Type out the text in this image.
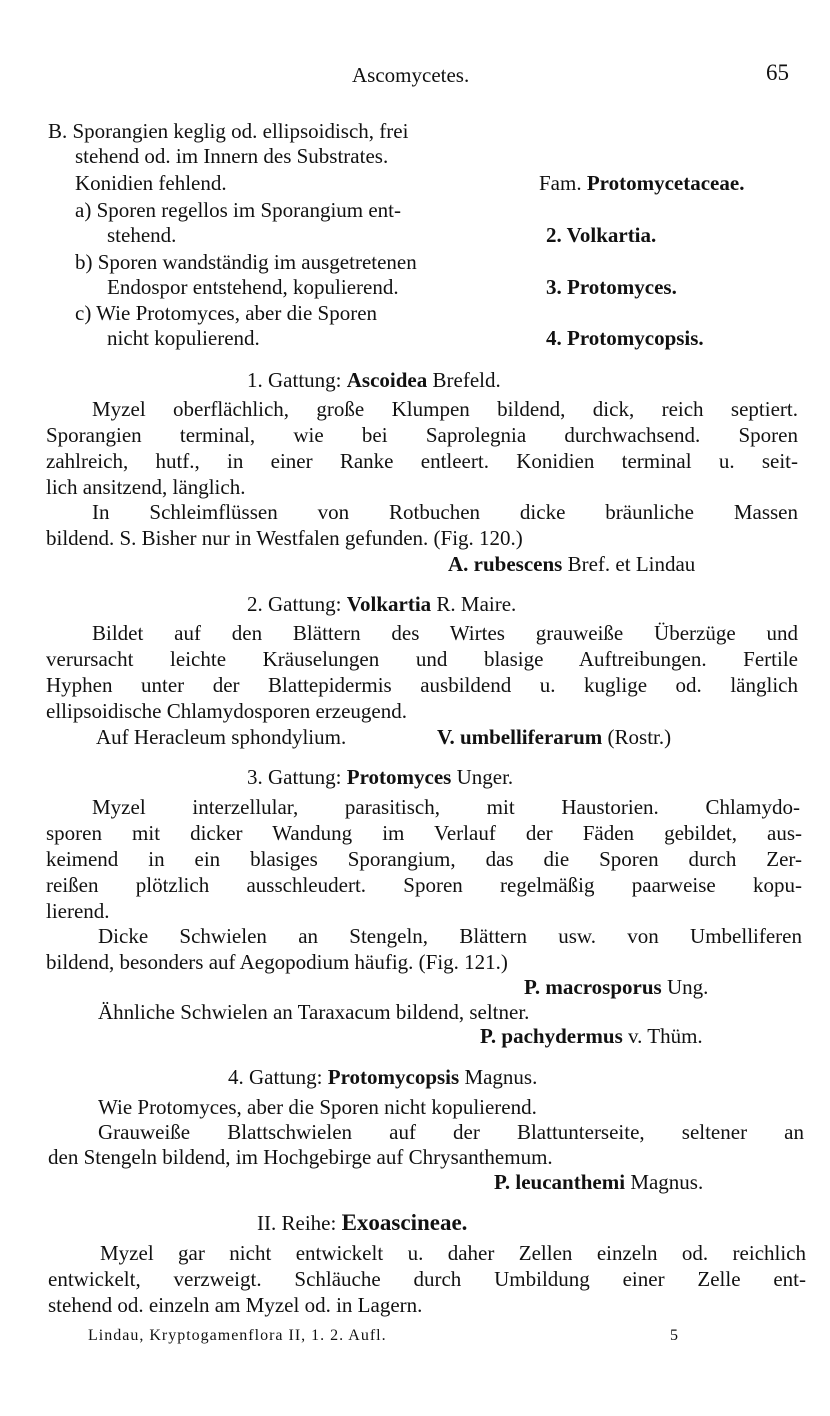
Ascomycetes.	65
B. Sporangien keglig od. ellipsoidisch, frei
stehend od. im Innern des Substrates.
Konidien fehlend.	Fam. Protomycetaceae.
a) Sporen regellos im Sporangium ent-
stehend.	2. Volkartia.
b) Sporen wandständig im ausgetretenen
Endospor entstehend, kopulierend.	3. Protomyces.
c) Wie Protomyces, aber die Sporen
nicht kopulierend.	4. Protomycopsis.
1. Gattung: Ascoidea Brefeld.
Myzel oberflächlich, große Klumpen bildend, dick, reich septiert.
Sporangien terminal, wie bei Saprolegnia durchwachsend. Sporen
zahlreich, hutf., in einer Ranke entleert. Konidien terminal u. seit-
lich ansitzend, länglich.
In Schleimflüssen von Rotbuchen dicke bräunliche Massen
bildend. S. Bisher nur in Westfalen gefunden. (Fig. 120.)
A. rubescens Bref. et Lindau
2. Gattung: Volkartia R. Maire.
Bildet auf den Blättern des Wirtes grauweiße Überzüge und
verursacht leichte Kräuselungen und blasige Auftreibungen. Fertile
Hyphen unter der Blattepidermis ausbildend u. kuglige od. länglich
ellipsoidische Chlamydosporen erzeugend.
Auf Heracleum sphondylium.	V. umbelliferarum (Rostr.)
3. Gattung: Protomyces Unger.
Myzel interzellular, parasitisch, mit Haustorien. Chlamydo-
sporen mit dicker Wandung im Verlauf der Fäden gebildet, aus-
keimend in ein blasiges Sporangium, das die Sporen durch Zer-
reißen plötzlich ausschleudert. Sporen regelmäßig paarweise kopu-
lierend.
Dicke Schwielen an Stengeln, Blättern usw. von Umbelliferen
bildend, besonders auf Aegopodium häufig. (Fig. 121.)
P. macrosporus Ung.
Ähnliche Schwielen an Taraxacum bildend, seltner.
P. pachydermus v. Thüm.
4. Gattung: Protomycopsis Magnus.
Wie Protomyces, aber die Sporen nicht kopulierend.
Grauweiße Blattschwielen auf der Blattunterseite, seltener an
den Stengeln bildend, im Hochgebirge auf Chrysanthemum.
P. leucanthemi Magnus.
II. Reihe: Exoascineae.
Myzel gar nicht entwickelt u. daher Zellen einzeln od. reichlich
entwickelt, verzweigt. Schläuche durch Umbildung einer Zelle ent-
stehend od. einzeln am Myzel od. in Lagern.
Lindau, Kryptogamenflora II, 1. 2. Aufl.	5
